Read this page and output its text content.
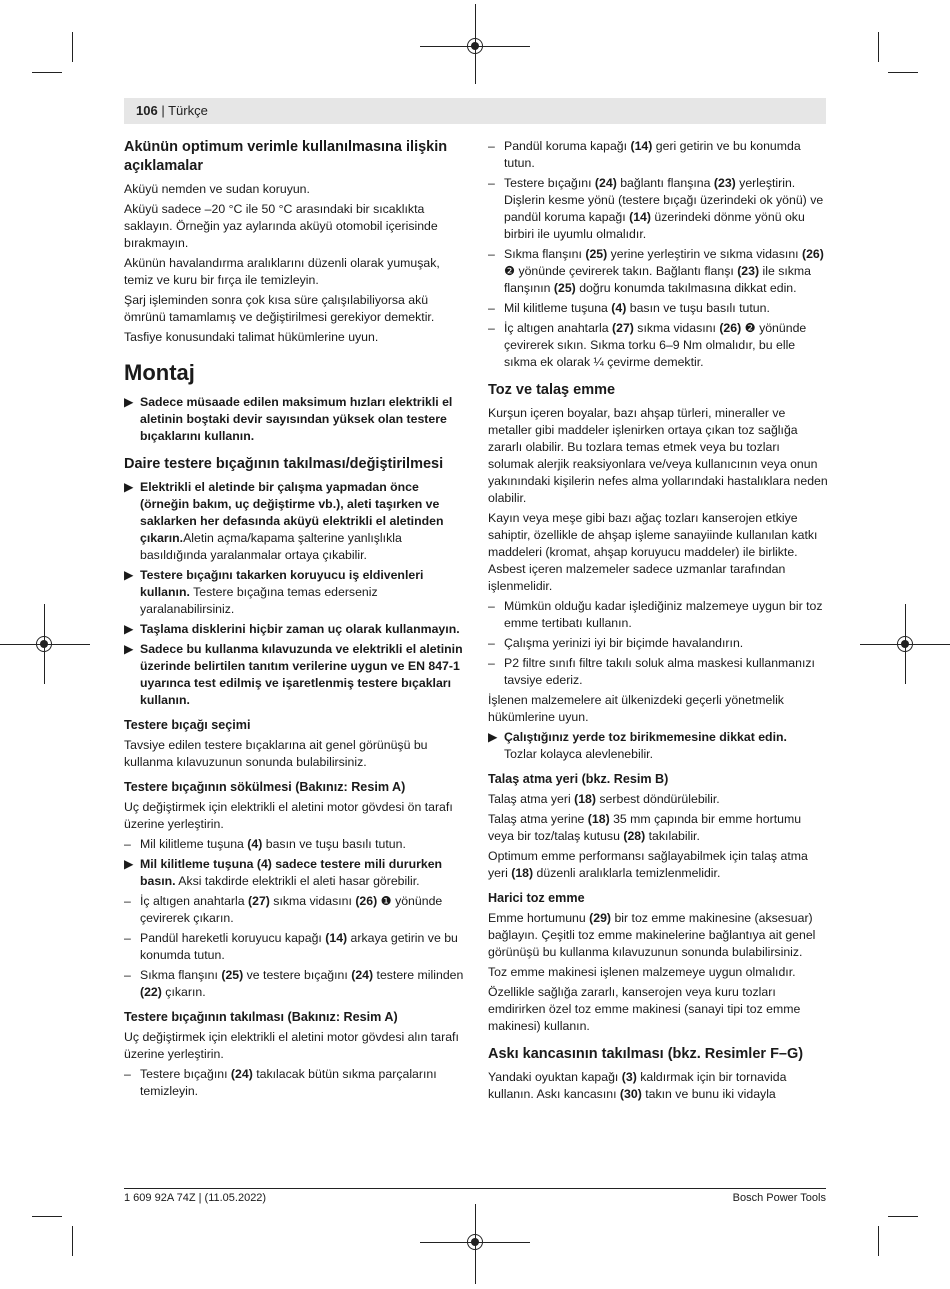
106 | Türkçe
Akünün optimum verimle kullanılmasına ilişkin açıklamalar

Aküyü nemden ve sudan koruyun.

Aküyü sadece –20 °C ile 50 °C arasındaki bir sıcaklıkta saklayın. Örneğin yaz aylarında aküyü otomobil içerisinde bırakmayın.

Akünün havalandırma aralıklarını düzenli olarak yumuşak, temiz ve kuru bir fırça ile temizleyin.

Şarj işleminden sonra çok kısa süre çalışılabiliyorsa akü ömrünü tamamlamış ve değiştirilmesi gerekiyor demektir.

Tasfiye konusundaki talimat hükümlerine uyun.

Montaj
▶ Sadece müsaade edilen maksimum hızları elektrikli el aletinin boştaki devir sayısından yüksek olan testere bıçaklarını kullanın.
Daire testere bıçağının takılması/değiştirilmesi
▶ Elektrikli el aletinde bir çalışma yapmadan önce (örneğin bakım, uç değiştirme vb.), aleti taşırken ve saklarken her defasında aküyü elektrikli el aletinden çıkarın.Aletin açma/kapama şalterine yanlışlıkla basıldığında yaralanmalar ortaya çıkabilir.
▶ Testere bıçağını takarken koruyucu iş eldivenleri kullanın. Testere bıçağına temas ederseniz yaralanabilirsiniz.
▶ Taşlama disklerini hiçbir zaman uç olarak kullanmayın.
▶ Sadece bu kullanma kılavuzunda ve elektrikli el aletinin üzerinde belirtilen tanıtım verilerine uygun ve EN 847-1 uyarınca test edilmiş ve işaretlenmiş testere bıçakları kullanın.
Testere bıçağı seçimi

Tavsiye edilen testere bıçaklarına ait genel görünüşü bu kullanma kılavuzunun sonunda bulabilirsiniz.

Testere bıçağının sökülmesi (Bakınız: Resim A)

Uç değiştirmek için elektrikli el aletini motor gövdesi ön tarafı üzerine yerleştirin.

– Mil kilitleme tuşuna (4) basın ve tuşu basılı tutun.
▶ Mil kilitleme tuşuna (4) sadece testere mili dururken basın. Aksi takdirde elektrikli el aleti hasar görebilir.
– İç altıgen anahtarla (27) sıkma vidasını (26) ❶ yönünde çevirerek çıkarın.
– Pandül hareketli koruyucu kapağı (14) arkaya getirin ve bu konumda tutun.
– Sıkma flanşını (25) ve testere bıçağını (24) testere milinden (22) çıkarın.
Testere bıçağının takılması (Bakınız: Resim A)

Uç değiştirmek için elektrikli el aletini motor gövdesi alın tarafı üzerine yerleştirin.

– Testere bıçağını (24) takılacak bütün sıkma parçalarını temizleyin.
– Pandül koruma kapağı (14) geri getirin ve bu konumda tutun.
– Testere bıçağını (24) bağlantı flanşına (23) yerleştirin. Dişlerin kesme yönü (testere bıçağı üzerindeki ok yönü) ve pandül koruma kapağı (14) üzerindeki dönme yönü oku birbiri ile uyumlu olmalıdır.
– Sıkma flanşını (25) yerine yerleştirin ve sıkma vidasını (26) ❷ yönünde çevirerek takın. Bağlantı flanşı (23) ile sıkma flanşının (25) doğru konumda takılmasına dikkat edin.
– Mil kilitleme tuşuna (4) basın ve tuşu basılı tutun.
– İç altıgen anahtarla (27) sıkma vidasını (26) ❷ yönünde çevirerek sıkın. Sıkma torku 6–9 Nm olmalıdır, bu elle sıkma ek olarak ¼ çevirme demektir.
Toz ve talaş emme

Kurşun içeren boyalar, bazı ahşap türleri, mineraller ve metaller gibi maddeler işlenirken ortaya çıkan toz sağlığa zararlı olabilir. Bu tozlara temas etmek veya bu tozları solumak alerjik reaksiyonlara ve/veya kullanıcının veya onun yakınındaki kişilerin nefes alma yollarındaki hastalıklara neden olabilir.

Kayın veya meşe gibi bazı ağaç tozları kanserojen etkiye sahiptir, özellikle de ahşap işleme sanayiinde kullanılan katkı maddeleri (kromat, ahşap koruyucu maddeler) ile birlikte. Asbest içeren malzemeler sadece uzmanlar tarafından işlenmelidir.

– Mümkün olduğu kadar işlediğiniz malzemeye uygun bir toz emme tertibatı kullanın.
– Çalışma yerinizi iyi bir biçimde havalandırın.
– P2 filtre sınıfı filtre takılı soluk alma maskesi kullanmanızı tavsiye ederiz.

İşlenen malzemelere ait ülkenizdeki geçerli yönetmelik hükümlerine uyun.

▶ Çalıştığınız yerde toz birikmemesine dikkat edin.
Tozlar kolayca alevlenebilir.
Talaş atma yeri (bkz. Resim B)

Talaş atma yeri (18) serbest döndürülebilir.

Talaş atma yerine (18) 35 mm çapında bir emme hortumu veya bir toz/talaş kutusu (28) takılabilir.

Optimum emme performansı sağlayabilmek için talaş atma yeri (18) düzenli aralıklarla temizlenmelidir.

Harici toz emme

Emme hortumunu (29) bir toz emme makinesine (aksesuar) bağlayın. Çeşitli toz emme makinelerine bağlantıya ait genel görünüşü bu kullanma kılavuzunun sonunda bulabilirsiniz.

Toz emme makinesi işlenen malzemeye uygun olmalıdır.

Özellikle sağlığa zararlı, kanserojen veya kuru tozları emdirirken özel toz emme makinesi (sanayi tipi toz emme makinesi) kullanın.

Askı kancasının takılması (bkz. Resimler F–G)

Yandaki oyuktan kapağı (3) kaldırmak için bir tornavida kullanın. Askı kancasını (30) takın ve bunu iki vidayla

1 609 92A 74Z | (11.05.2022)	Bosch Power Tools
